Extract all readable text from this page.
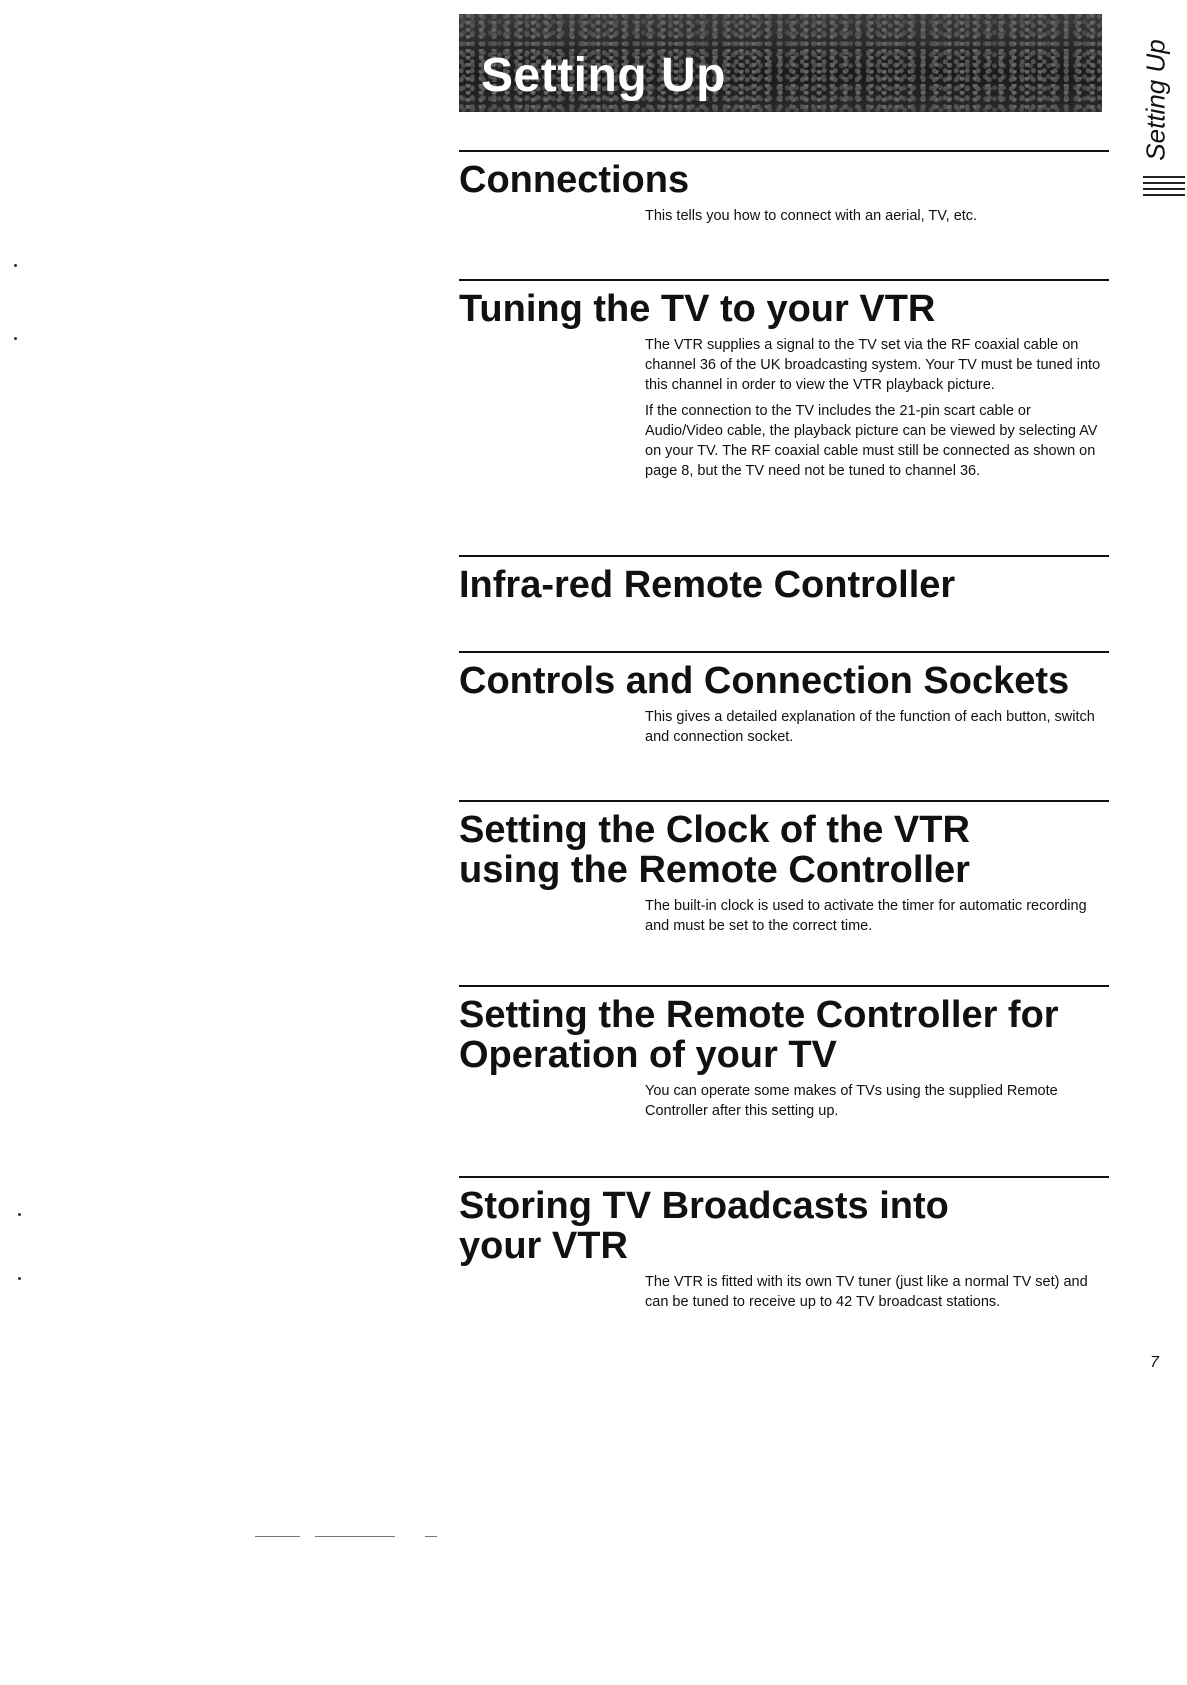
Setting Up	Setting Up
Connections

This tells you how to connect with an aerial, TV, etc.

Tuning the TV to your VTR

The VTR supplies a signal to the TV set via the RF coaxial cable on channel 36 of the UK broadcasting system. Your TV must be tuned into this channel in order to view the VTR playback picture.

If the connection to the TV includes the 21-pin scart cable or Audio/Video cable, the playback picture can be viewed by selecting AV on your TV. The RF coaxial cable must still be connected as shown on page 8, but the TV need not be tuned to channel 36.

Infra-red Remote Controller
Controls and Connection Sockets

This gives a detailed explanation of the function of each button, switch and connection socket.

Setting the Clock of the VTR using the Remote Controller

The built-in clock is used to activate the timer for automatic recording and must be set to the correct time.

Setting the Remote Controller for Operation of your TV

You can operate some makes of TVs using the supplied Remote Controller after this setting up.

Storing TV Broadcasts into your VTR

The VTR is fitted with its own TV tuner (just like a normal TV set) and can be tuned to receive up to 42 TV broadcast stations.

7
